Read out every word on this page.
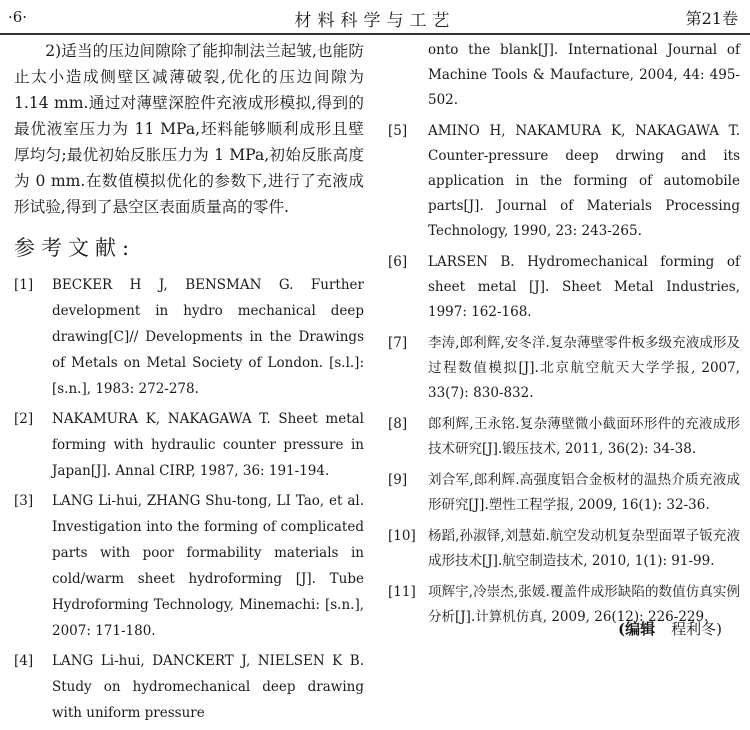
·6·	材料科学与工艺	第21卷

2)适当的压边间隙除了能抑制法兰起皱,也能防止太小造成侧壁区减薄破裂,优化的压边间隙为 1.14 mm.通过对薄壁深腔件充液成形模拟,得到的最优液室压力为 11 MPa,坯料能够顺利成形且壁厚均匀;最优初始反胀压力为 1 MPa,初始反胀高度为 0 mm.在数值模拟优化的参数下,进行了充液成形试验,得到了悬空区表面质量高的零件.

参考文献:
[1]	BECKER H J, BENSMAN G. Further development in hydro mechanical deep drawing[C]// Developments in the Drawings of Metals on Metal Society of London. [s.l.]: [s.n.], 1983: 272-278.
[2]	NAKAMURA K, NAKAGAWA T. Sheet metal forming with hydraulic counter pressure in Japan[J]. Annal CIRP, 1987, 36: 191-194.
[3]	LANG Li-hui, ZHANG Shu-tong, LI Tao, et al. Investigation into the forming of complicated parts with poor formability materials in cold/warm sheet hydroforming [J]. Tube Hydroforming Technology, Minemachi: [s.n.], 2007: 171-180.
[4]	LANG Li-hui, DANCKERT J, NIELSEN K B. Study on hydromechanical deep drawing with uniform pressure
onto the blank[J]. International Journal of Machine Tools & Maufacture, 2004, 44: 495-502.
[5]	AMINO H, NAKAMURA K, NAKAGAWA T. Counter-pressure deep drwing and its application in the forming of automobile parts[J]. Journal of Materials Processing Technology, 1990, 23: 243-265.
[6]	LARSEN B. Hydromechanical forming of sheet metal [J]. Sheet Metal Industries, 1997: 162-168.
[7]	李涛,郎利辉,安冬洋.复杂薄壁零件板多级充液成形及过程数值模拟[J].北京航空航天大学学报, 2007, 33(7): 830-832.
[8]	郎利辉,王永铭.复杂薄壁微小截面环形件的充液成形技术研究[J].锻压技术, 2011, 36(2): 34-38.
[9]	刘合军,郎利辉.高强度铝合金板材的温热介质充液成形研究[J].塑性工程学报, 2009, 16(1): 32-36.
[10] 杨蹈,孙淑铎,刘慧茹.航空发动机复杂型面罩子钣充液成形技术[J].航空制造技术, 2010, 1(1): 91-99.
[11] 项辉宇,冷崇杰,张媛.覆盖件成形缺陷的数值仿真实例分析[J].计算机仿真, 2009, 26(12): 226-229.
(编辑 程利冬)
